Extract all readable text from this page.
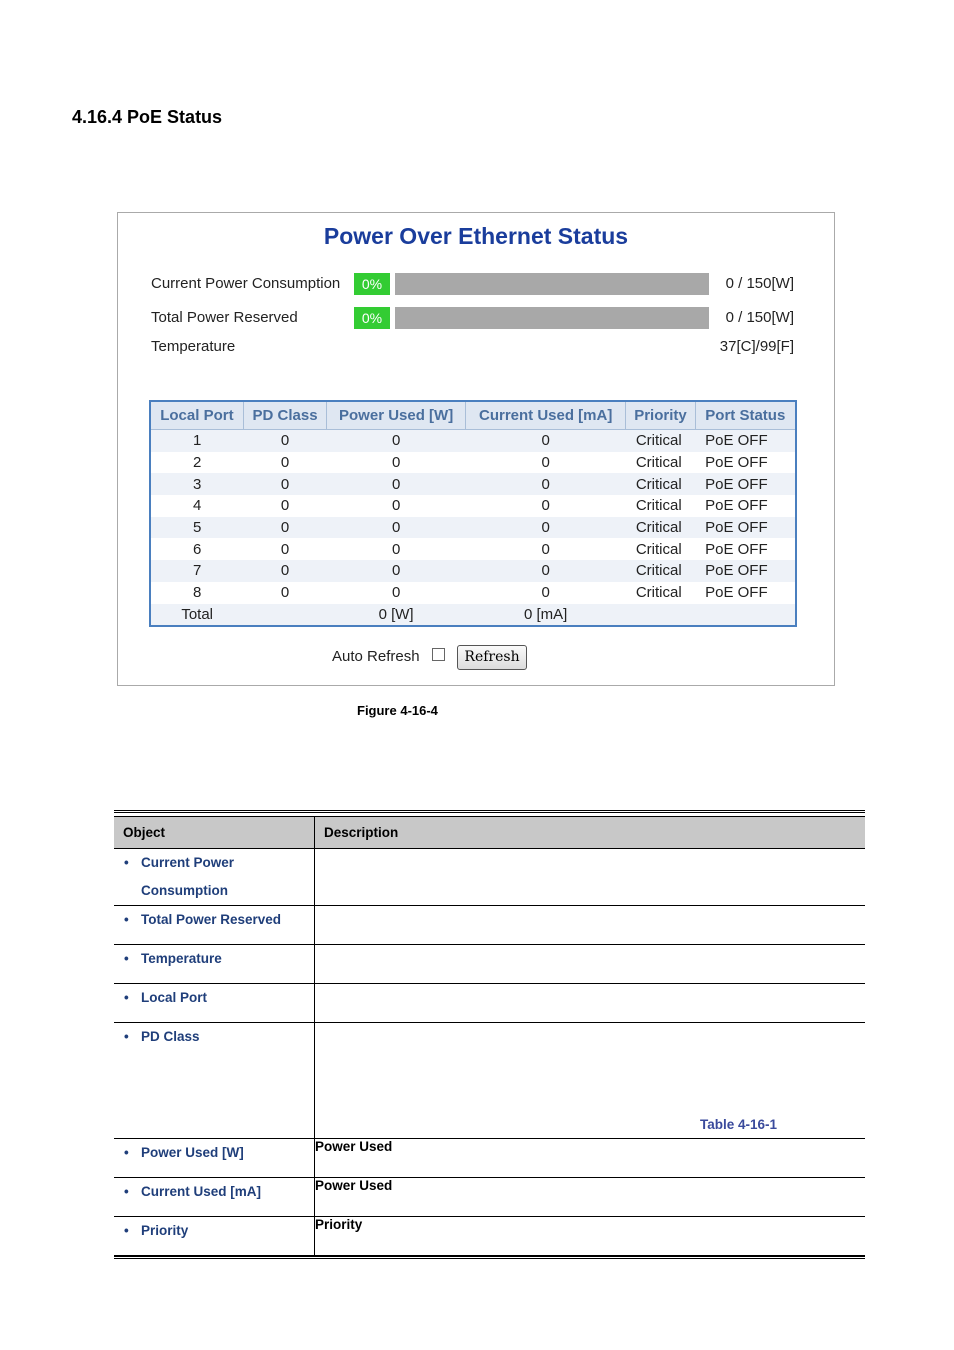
4.16.4 PoE Status
Power Over Ethernet Status
Current Power Consumption	0%	0 / 150[W]
Total Power Reserved	0%	0 / 150[W]
Temperature	37[C]/99[F]
Local Port	PD Class	Power Used [W]	Current Used [mA]	Priority	Port Status
1	0	0	0	Critical	PoE OFF
2	0	0	0	Critical	PoE OFF
3	0	0	0	Critical	PoE OFF
4	0	0	0	Critical	PoE OFF
5	0	0	0	Critical	PoE OFF
6	0	0	0	Critical	PoE OFF
7	0	0	0	Critical	PoE OFF
8	0	0	0	Critical	PoE OFF
Total		0 [W]	0 [mA]		
Auto Refresh	Refresh
Figure 4-16-4
Object	Description

• Current Power Consumption

• Total Power Reserved

• Temperature

• Local Port

• PD Class	Table 4-16-1

• Power Used [W]	Power Used

• Current Used [mA]	Power Used

• Priority	Priority
